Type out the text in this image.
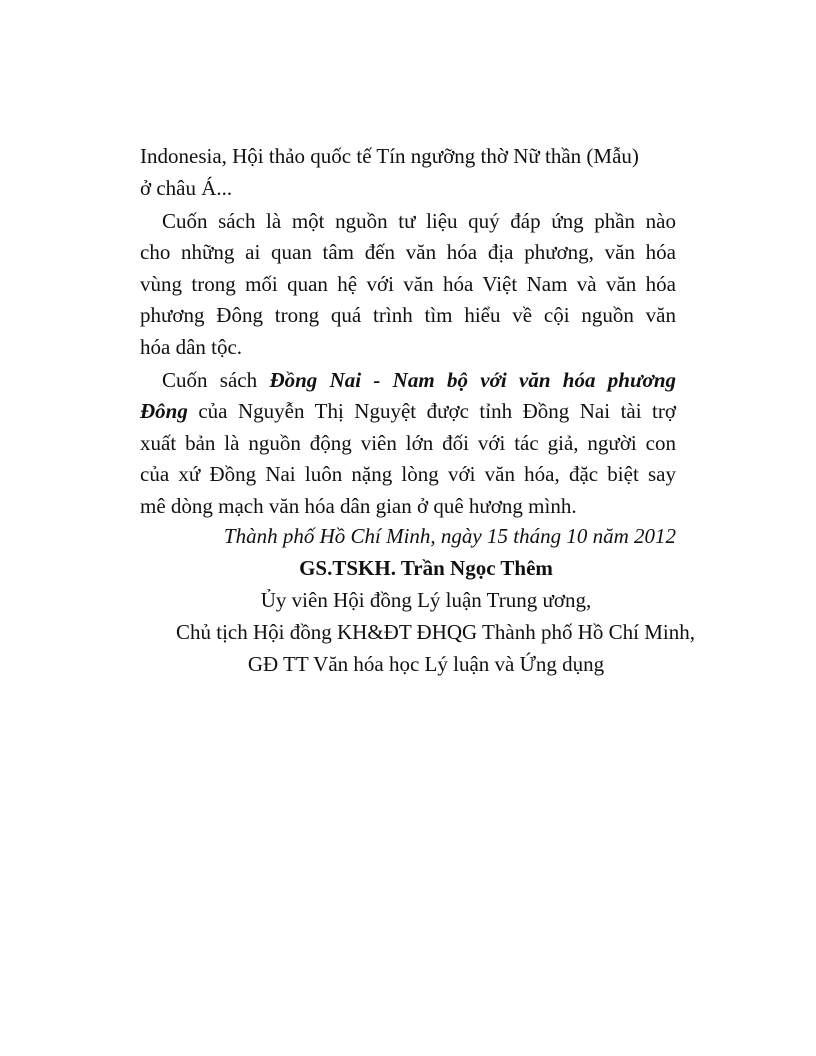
Indonesia, Hội thảo quốc tế Tín ngưỡng thờ Nữ thần (Mẫu)
ở châu Á...

Cuốn sách là một nguồn tư liệu quý đáp ứng phần nào
cho những ai quan tâm đến văn hóa địa phương, văn hóa
vùng trong mối quan hệ với văn hóa Việt Nam và văn hóa
phương Đông trong quá trình tìm hiểu về cội nguồn văn
hóa dân tộc.

Cuốn sách Đồng Nai - Nam bộ với văn hóa phương
Đông của Nguyễn Thị Nguyệt được tỉnh Đồng Nai tài trợ
xuất bản là nguồn động viên lớn đối với tác giả, người con
của xứ Đồng Nai luôn nặng lòng với văn hóa, đặc biệt say
mê dòng mạch văn hóa dân gian ở quê hương mình.

Thành phố Hồ Chí Minh, ngày 15 tháng 10 năm 2012
GS.TSKH. Trần Ngọc Thêm
Ủy viên Hội đồng Lý luận Trung ương,
Chủ tịch Hội đồng KH&ĐT ĐHQG Thành phố Hồ Chí Minh,
GĐ TT Văn hóa học Lý luận và Ứng dụng
